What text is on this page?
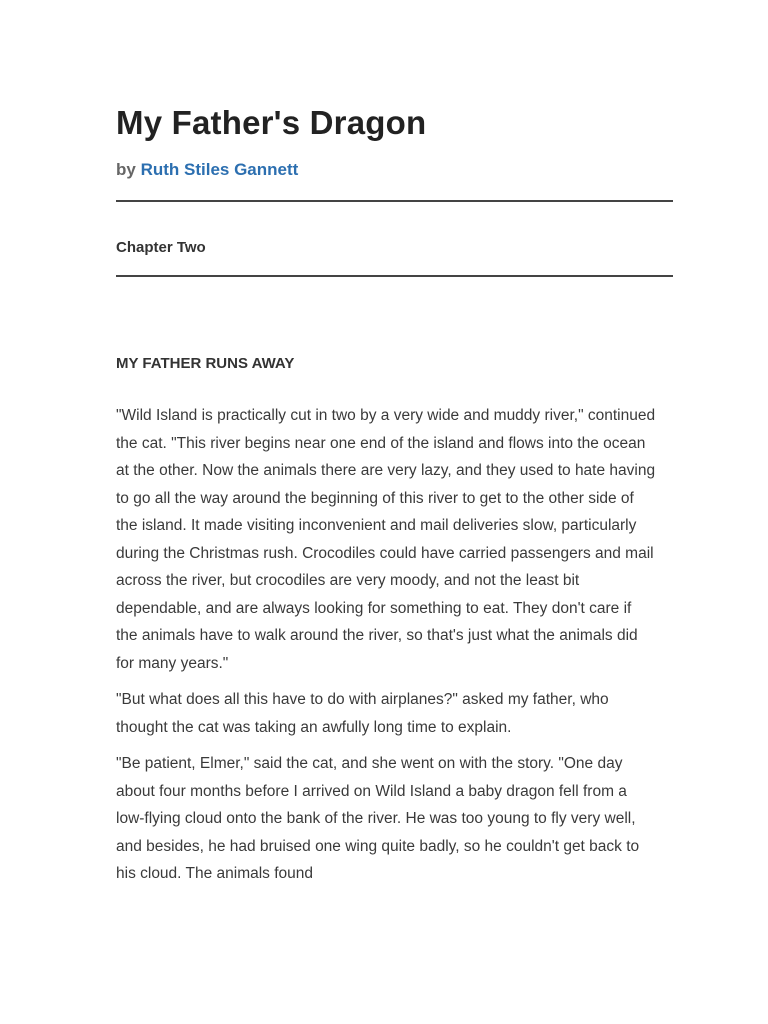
My Father's Dragon

by Ruth Stiles Gannett

Chapter Two

MY FATHER RUNS AWAY

"Wild Island is practically cut in two by a very wide and muddy river," continued the cat. "This river begins near one end of the island and flows into the ocean at the other. Now the animals there are very lazy, and they used to hate having to go all the way around the beginning of this river to get to the other side of the island. It made visiting inconvenient and mail deliveries slow, particularly during the Christmas rush. Crocodiles could have carried passengers and mail across the river, but crocodiles are very moody, and not the least bit dependable, and are always looking for something to eat. They don't care if the animals have to walk around the river, so that's just what the animals did for many years."

"But what does all this have to do with airplanes?" asked my father, who thought the cat was taking an awfully long time to explain.

"Be patient, Elmer," said the cat, and she went on with the story. "One day about four months before I arrived on Wild Island a baby dragon fell from a low-flying cloud onto the bank of the river. He was too young to fly very well, and besides, he had bruised one wing quite badly, so he couldn't get back to his cloud. The animals found
